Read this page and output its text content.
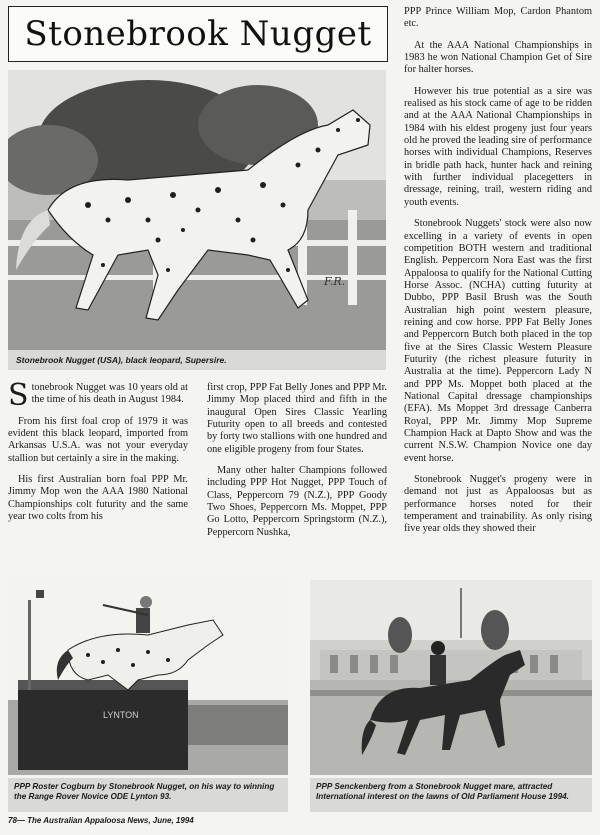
Stonebrook Nugget
F.R.
Stonebrook Nugget (USA), black leopard, Supersire.

Stonebrook Nugget was 10 years old at the time of his death in August 1984.

From his first foal crop of 1979 it was evident this black leopard, imported from Arkansas U.S.A. was not your everyday stallion but certainly a sire in the making.

His first Australian born foal PPP Mr. Jimmy Mop won the AAA 1980 National Championships colt futurity and the same year two colts from his

first crop, PPP Fat Belly Jones and PPP Mr. Jimmy Mop placed third and fifth in the inaugural Open Sires Classic Yearling Futurity open to all breeds and contested by forty two stallions with one hundred and one eligible progeny from four States.

Many other halter Champions followed including PPP Hot Nugget, PPP Touch of Class, Peppercorn 79 (N.Z.), PPP Goody Two Shoes, Peppercorn Ms. Moppet, PPP Go Lotto, Peppercorn Springstorm (N.Z.), Peppercorn Nushka,

PPP Prince William Mop, Cardon Phantom etc.

At the AAA National Championships in 1983 he won National Champion Get of Sire for halter horses.

However his true potential as a sire was realised as his stock came of age to be ridden and at the AAA National Championships in 1984 with his eldest progeny just four years old he proved the leading sire of performance horses with individual Champions, Reserves in bridle path hack, hunter hack and reining with further individual placegetters in dressage, reining, trail, western riding and youth events.

Stonebrook Nuggets' stock were also now excelling in a variety of events in open competition BOTH western and traditional English. Peppercorn Nora East was the first Appaloosa to qualify for the National Cutting Horse Assoc. (NCHA) cutting futurity at Dubbo, PPP Basil Brush was the South Australian high point western pleasure, reining and cow horse. PPP Fat Belly Jones and Peppercorn Butch both placed in the top five at the Sires Classic Western Pleasure Futurity (the richest pleasure futurity in Australia at the time). Peppercorn Lady N and PPP Ms. Moppet both placed at the National Capital dressage championships (EFA). Ms Moppet 3rd dressage Canberra Royal, PPP Mr. Jimmy Mop Supreme Champion Hack at Dapto Show and was the current N.S.W. Champion Novice one day event horse.

Stonebrook Nugget's progeny were in demand not just as Appaloosas but as performance horses noted for their temperament and trainability. As only rising five year olds they showed their

LYNTON
PPP Roster Cogburn by Stonebrook Nugget, on his way to winning the Range Rover Novice ODE Lynton 93.
PPP Senckenberg from a Stonebrook Nugget mare, attracted International interest on the lawns of Old Parliament House 1994.
78— The Australian Appaloosa News, June, 1994
